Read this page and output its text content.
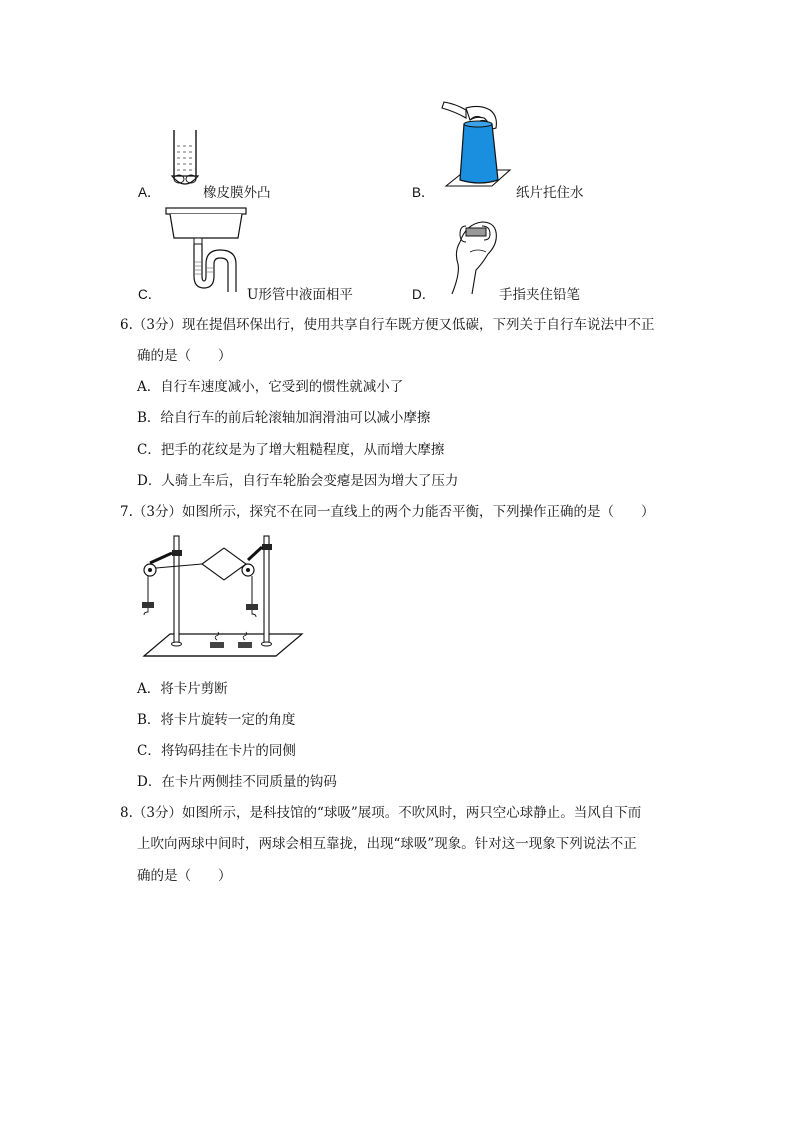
A．	橡皮膜外凸	B．	纸片托住水
C．	U形管中液面相平	D．	手指夹住铅笔
6.（3分）现在提倡环保出行，使用共享自行车既方便又低碳，下列关于自行车说法中不正
确的是（　　）
A．自行车速度减小，它受到的惯性就减小了
B．给自行车的前后轮滚轴加润滑油可以减小摩擦
C．把手的花纹是为了增大粗糙程度，从而增大摩擦
D．人骑上车后，自行车轮胎会变瘪是因为增大了压力
7.（3分）如图所示，探究不在同一直线上的两个力能否平衡，下列操作正确的是（　　）
A．将卡片剪断
B．将卡片旋转一定的角度
C．将钩码挂在卡片的同侧
D．在卡片两侧挂不同质量的钩码
8.（3分）如图所示，是科技馆的“球吸”展项。不吹风时，两只空心球静止。当风自下而
上吹向两球中间时，两球会相互靠拢，出现“球吸”现象。针对这一现象下列说法不正
确的是（　　）
